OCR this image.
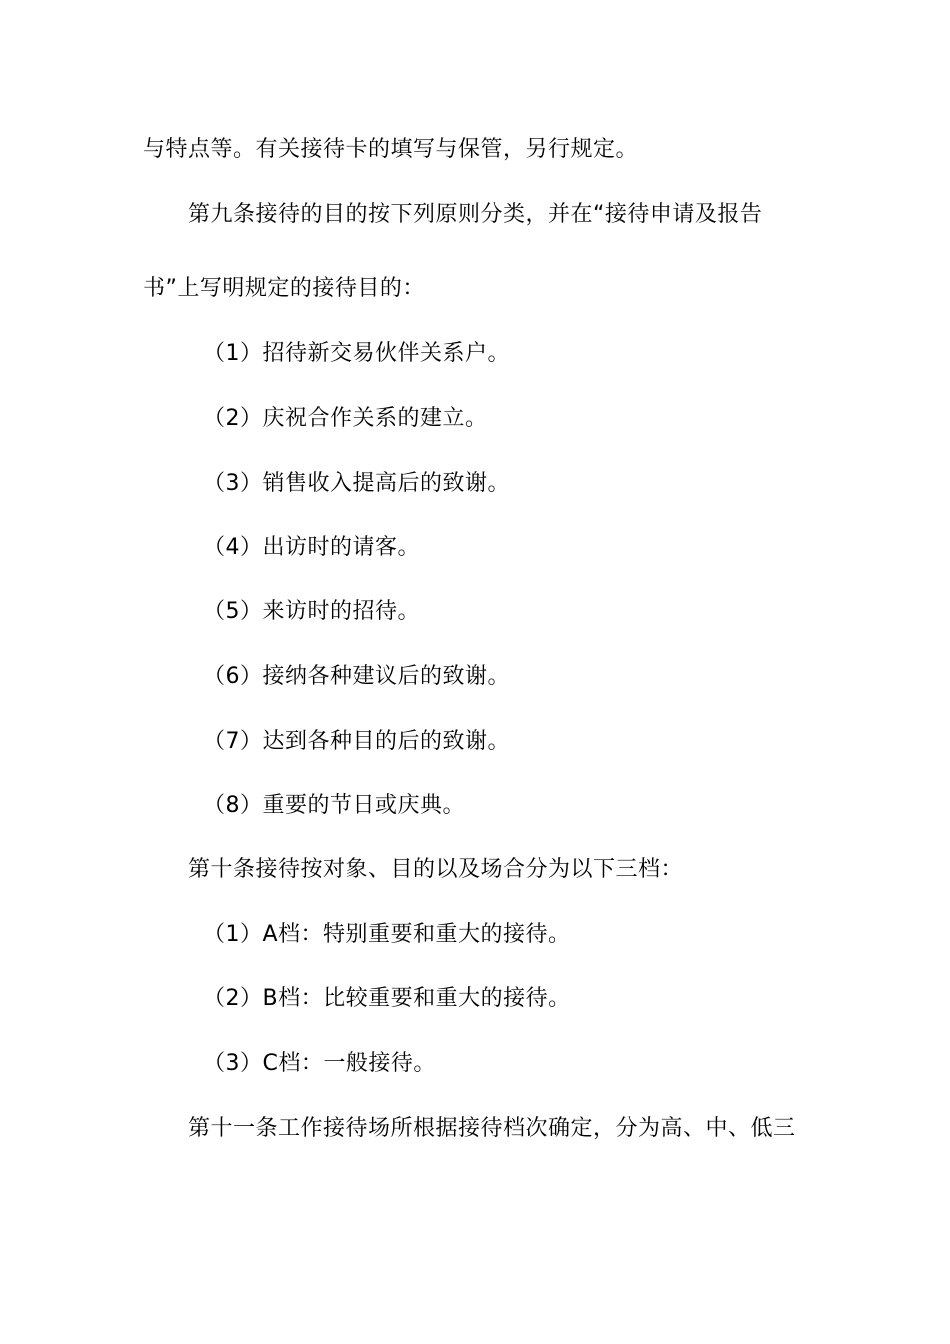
与特点等。有关接待卡的填写与保管，另行规定。
第九条接待的目的按下列原则分类，并在“接待申请及报告
书”上写明规定的接待目的：
（1）招待新交易伙伴关系户。
（2）庆祝合作关系的建立。
（3）销售收入提高后的致谢。
（4）出访时的请客。
（5）来访时的招待。
（6）接纳各种建议后的致谢。
（7）达到各种目的后的致谢。
（8）重要的节日或庆典。
第十条接待按对象、目的以及场合分为以下三档：
（1）A档：特别重要和重大的接待。
（2）B档：比较重要和重大的接待。
（3）C档：一般接待。
第十一条工作接待场所根据接待档次确定，分为高、中、低三
